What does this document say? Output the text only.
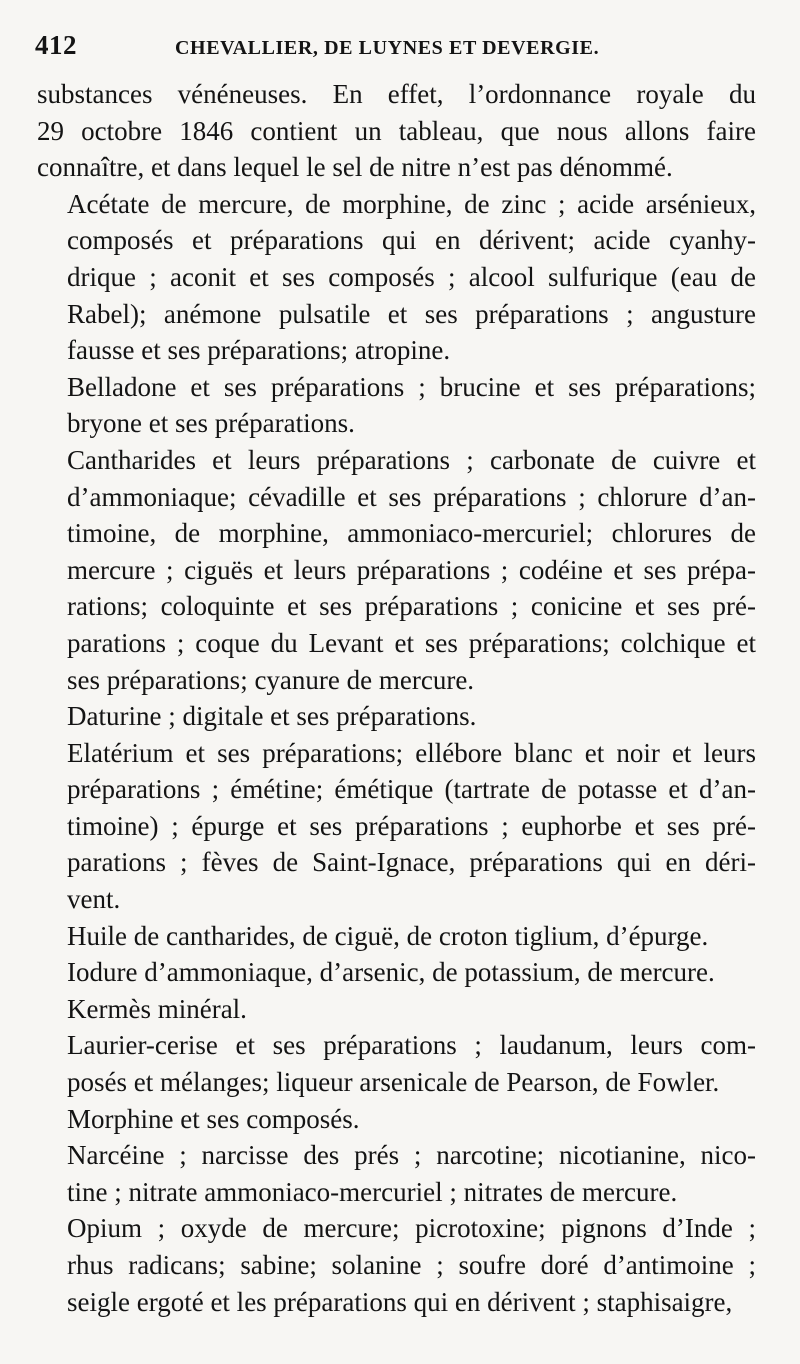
412	CHEVALLIER, DE LUYNES ET DEVERGIE.

substances vénéneuses. En effet, l’ordonnance royale du
29 octobre 1846 contient un tableau, que nous allons faire
connaître, et dans lequel le sel de nitre n’est pas dénommé.

Acétate de mercure, de morphine, de zinc ; acide arsénieux,
composés et préparations qui en dérivent; acide cyanhy-
drique ; aconit et ses composés ; alcool sulfurique (eau de
Rabel); anémone pulsatile et ses préparations ; angusture
fausse et ses préparations; atropine.

Belladone et ses préparations ; brucine et ses préparations;
bryone et ses préparations.

Cantharides et leurs préparations ; carbonate de cuivre et
d’ammoniaque; cévadille et ses préparations ; chlorure d’an-
timoine, de morphine, ammoniaco-mercuriel; chlorures de
mercure ; ciguës et leurs préparations ; codéine et ses prépa-
rations; coloquinte et ses préparations ; conicine et ses pré-
parations ; coque du Levant et ses préparations; colchique et
ses préparations; cyanure de mercure.

Daturine ; digitale et ses préparations.

Elatérium et ses préparations; ellébore blanc et noir et leurs
préparations ; émétine; émétique (tartrate de potasse et d’an-
timoine) ; épurge et ses préparations ; euphorbe et ses pré-
parations ; fèves de Saint-Ignace, préparations qui en déri-
vent.

Huile de cantharides, de ciguë, de croton tiglium, d’épurge.

Iodure d’ammoniaque, d’arsenic, de potassium, de mercure.

Kermès minéral.

Laurier-cerise et ses préparations ; laudanum, leurs com-
posés et mélanges; liqueur arsenicale de Pearson, de Fowler.

Morphine et ses composés.

Narcéine ; narcisse des prés ; narcotine; nicotianine, nico-
tine ; nitrate ammoniaco-mercuriel ; nitrates de mercure.

Opium ; oxyde de mercure; picrotoxine; pignons d’Inde ;
rhus radicans; sabine; solanine ; soufre doré d’antimoine ;
seigle ergoté et les préparations qui en dérivent ; staphisaigre,
